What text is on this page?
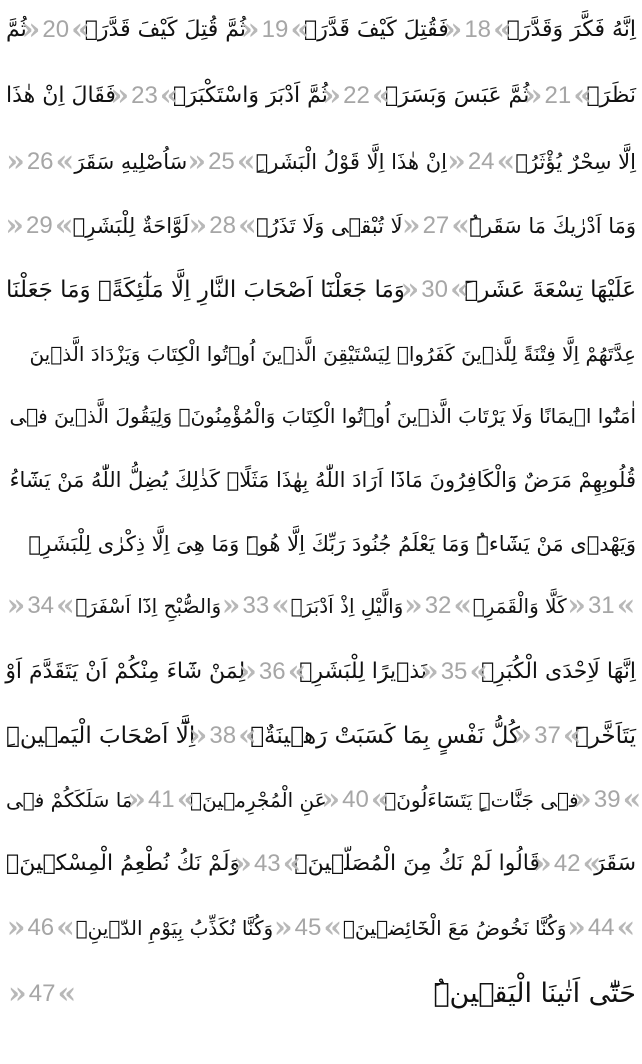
اِنَّهُ فَكَّرَ وَقَدَّرَۙ
»
18
«
فَقُتِلَ كَيْفَ قَدَّرَۙ
»
19
«
ثُمَّ قُتِلَ كَيْفَ قَدَّرَۙ
»
20
«
ثُمَّ
نَظَرَۙ
»
21
«
ثُمَّ عَبَسَ وَبَسَرَۙ
»
22
«
ثُمَّ اَدْبَرَ وَاسْتَكْبَرَۙ
»
23
«
فَقَالَ اِنْ هٰذَا
اِلَّا سِحْرٌ يُؤْثَرُۙ
»
24
«
اِنْ هٰذَا اِلَّا قَوْلُ الْبَشَرِۜ
»
25
«
سَاُصْلِيهِ سَقَرَ
»
26
«
وَمَا اَدْرٰيكَ مَا سَقَرُۜ
»
27
«
لَا تُبْقٖى وَلَا تَذَرُۚ
»
28
«
لَوَّاحَةٌ لِلْبَشَرِۚ
»
29
«
عَلَيْهَا تِسْعَةَ عَشَرَۜ
»
30
«
وَمَا جَعَلْنَٓا اَصْحَابَ النَّارِ اِلَّا مَلٰٓئِكَةًۖ وَمَا جَعَلْنَا
عِدَّتَهُمْ اِلَّا فِتْنَةً لِلَّذٖينَ كَفَرُواۙ لِيَسْتَيْقِنَ الَّذٖينَ اُو۫تُوا الْكِتَابَ وَيَزْدَادَ الَّذٖينَ
اٰمَنُٓوا اٖيمَانًا وَلَا يَرْتَابَ الَّذٖينَ اُو۫تُوا الْكِتَابَ وَالْمُؤْمِنُونَۙ وَلِيَقُولَ الَّذٖينَ فٖى
قُلُوبِهِمْ مَرَضٌ وَالْكَافِرُونَ مَاذَٓا اَرَادَ اللّٰهُ بِهٰذَا مَثَلًاۜ كَذٰلِكَ يُضِلُّ اللّٰهُ مَنْ يَشَٓاءُ
وَيَهْدٖى مَنْ يَشَٓاءُۜ وَمَا يَعْلَمُ جُنُودَ رَبِّكَ اِلَّا هُوَۜ وَمَا هِىَ اِلَّا ذِكْرٰى لِلْبَشَرِ۟
»
31
«
كَلَّا وَالْقَمَرِۙ
»
32
«
وَالَّيْلِ اِذْ اَدْبَرَۙ
»
33
«
وَالصُّبْحِ اِذَٓا اَسْفَرَۙ
»
34
«
اِنَّهَا لَاِحْدَى الْكُبَرِۙ
»
35
«
نَذٖيرًا لِلْبَشَرِۙ
»
36
«
لِمَنْ شَٓاءَ مِنْكُمْ اَنْ يَتَقَدَّمَ اَوْ
يَتَاَخَّرَۜ
»
37
«
كُلُّ نَفْسٍ بِمَا كَسَبَتْ رَهٖينَةٌۙ
»
38
«
اِلَّٓا اَصْحَابَ الْيَمٖينِۜ
»
39
«
فٖى جَنَّاتٍۜ يَتَسَٓاءَلُونَۙ
»
40
«
عَنِ الْمُجْرِمٖينَۙ
»
41
«
مَا سَلَكَكُمْ فٖى
سَقَرَ
»
42
«
قَالُوا لَمْ نَكُ مِنَ الْمُصَلّٖينَۙ
»
43
«
وَلَمْ نَكُ نُطْعِمُ الْمِسْكٖينَۙ
»
44
«
وَكُنَّا نَخُوضُ مَعَ الْخَٓائِضٖينَۙ
»
45
«
وَكُنَّا نُكَذِّبُ بِيَوْمِ الدّٖينِۙ
»
46
«
حَتّٰٓى اَتٰينَا الْيَقٖينُۜ
»
47
«
